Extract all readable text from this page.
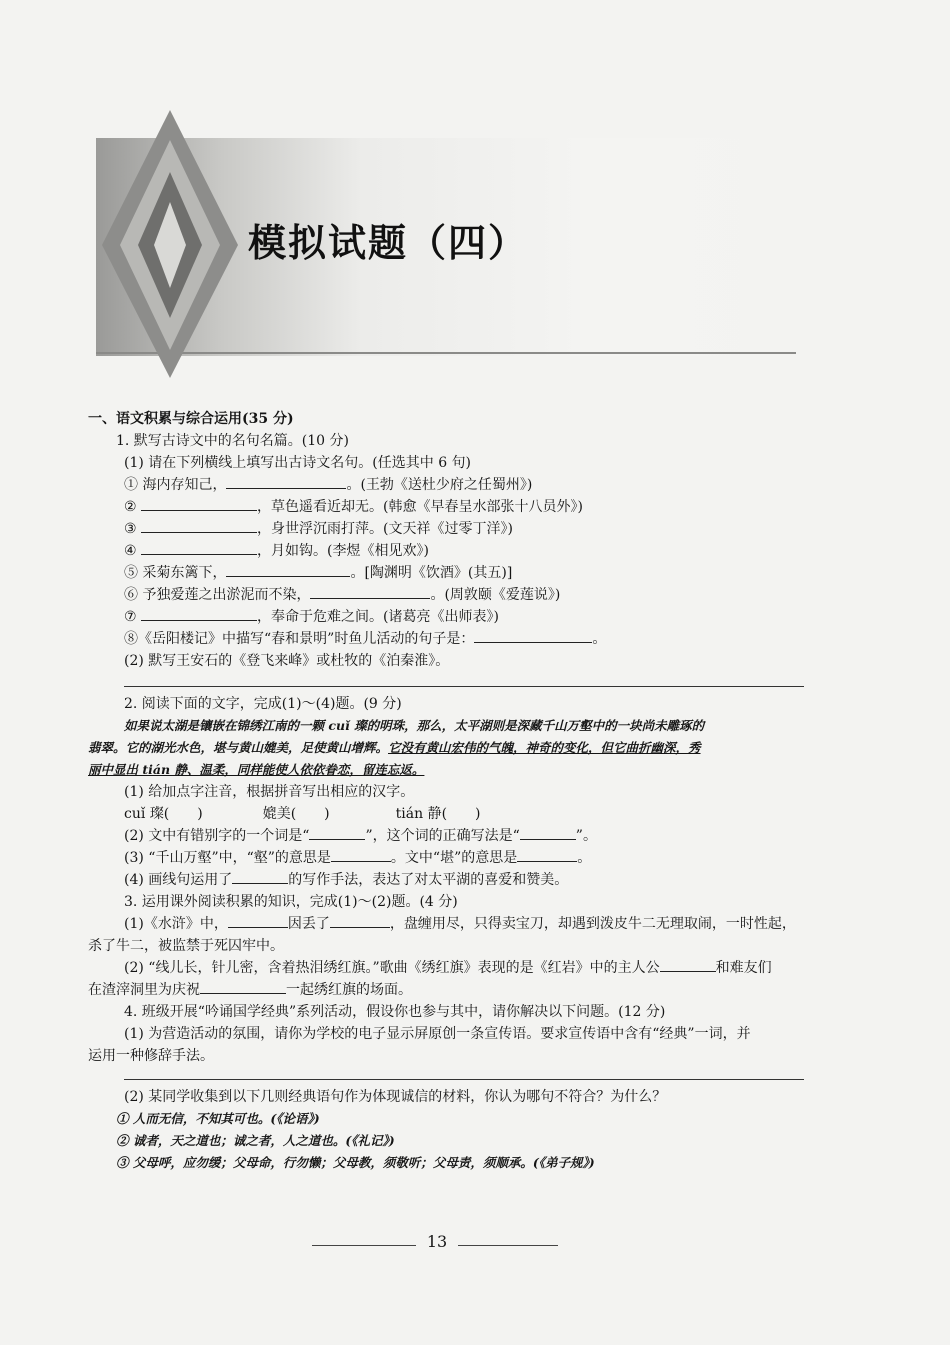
模拟试题（四）
一、语文积累与综合运用(35 分)
1. 默写古诗文中的名句名篇。(10 分)
(1) 请在下列横线上填写出古诗文名句。(任选其中 6 句)
① 海内存知己，	。(王勃《送杜少府之任蜀州》)
②	，草色遥看近却无。(韩愈《早春呈水部张十八员外》)
③	，身世浮沉雨打萍。(文天祥《过零丁洋》)
④	，月如钩。(李煜《相见欢》)
⑤ 采菊东篱下，	。[陶渊明《饮酒》(其五)]
⑥ 予独爱莲之出淤泥而不染，	。(周敦颐《爱莲说》)
⑦	，奉命于危难之间。(诸葛亮《出师表》)
⑧《岳阳楼记》中描写“春和景明”时鱼儿活动的句子是：	。
(2) 默写王安石的《登飞来峰》或杜牧的《泊秦淮》。
2. 阅读下面的文字，完成(1)～(4)题。(9 分)
如果说太湖是镶嵌在锦绣江南的一颗 cuǐ 璨的明珠，那么，太平湖则是深藏千山万壑中的一块尚未雕琢的
翡翠。它的湖光水色，堪与黄山媲美，足使黄山增辉。它没有黄山宏伟的气魄，神奇的变化，但它曲折幽深，秀
丽中显出 tián 静、温柔，同样能使人依依眷恋，留连忘返。
(1) 给加点字注音，根据拼音写出相应的汉字。
cuǐ 璨(　　)	媲美(　　)	tián 静(　　)
(2) 文中有错别字的一个词是“	”，这个词的正确写法是“	”。
(3) “千山万壑”中，“壑”的意思是	。文中“堪”的意思是	。
(4) 画线句运用了	的写作手法，表达了对太平湖的喜爱和赞美。
3. 运用课外阅读积累的知识，完成(1)～(2)题。(4 分)
(1)《水浒》中，	因丢了	，盘缠用尽，只得卖宝刀，却遇到泼皮牛二无理取闹，一时性起，
杀了牛二，被监禁于死囚牢中。
(2) “线儿长，针儿密，含着热泪绣红旗。”歌曲《绣红旗》表现的是《红岩》中的主人公	和难友们
在渣滓洞里为庆祝	一起绣红旗的场面。
4. 班级开展“吟诵国学经典”系列活动，假设你也参与其中，请你解决以下问题。(12 分)
(1) 为营造活动的氛围，请你为学校的电子显示屏原创一条宣传语。要求宣传语中含有“经典”一词，并
运用一种修辞手法。
(2) 某同学收集到以下几则经典语句作为体现诚信的材料，你认为哪句不符合？为什么？
① 人而无信，不知其可也。(《论语》)
② 诚者，天之道也；诚之者，人之道也。(《礼记》)
③ 父母呼，应勿缓；父母命，行勿懒；父母教，须敬听；父母责，须顺承。(《弟子规》)
13
